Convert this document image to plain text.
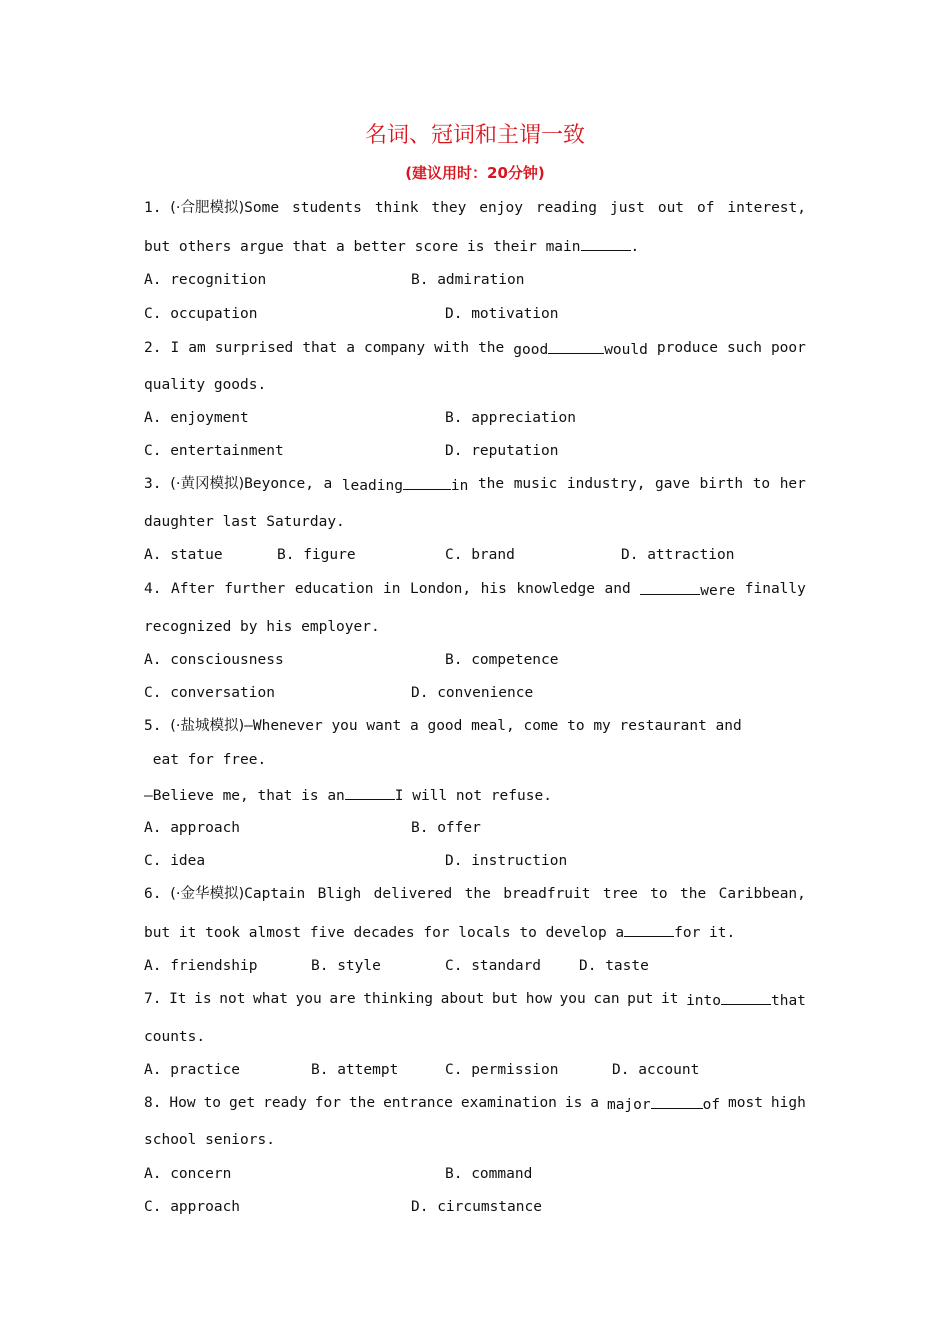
名词、冠词和主谓一致
(建议用时：20分钟)
1. (·合肥模拟)Some students think they enjoy reading just out of interest,
but others argue that a better score is their main	.
A. recognition	B. admiration
C. occupation	D. motivation
2. I am surprised that a company with the good	would produce such poor
quality goods.
A. enjoyment	B. appreciation
C. entertainment	D. reputation
3. (·黄冈模拟)Beyonce, a leading	in the music industry, gave birth to her
daughter last Saturday.
A. statue	B. figure	C. brand	D. attraction
4. After further education in London, his knowledge and	were finally
recognized by his employer.
A. consciousness	B. competence
C. conversation	D. convenience
5. (·盐城模拟)—Whenever you want a good meal, come to my restaurant and
eat for free.
—Believe me, that is an	I will not refuse.
A. approach	B. offer
C. idea	D. instruction
6. (·金华模拟)Captain Bligh delivered the breadfruit tree to the Caribbean,
but it took almost five decades for locals to develop a	for it.
A. friendship	B. style	C. standard	D. taste
7. It is not what you are thinking about but how you can put it into	that
counts.
A. practice	B. attempt	C. permission	D. account
8. How to get ready for the entrance examination is a major	of most high
school seniors.
A. concern	B. command
C. approach	D. circumstance
